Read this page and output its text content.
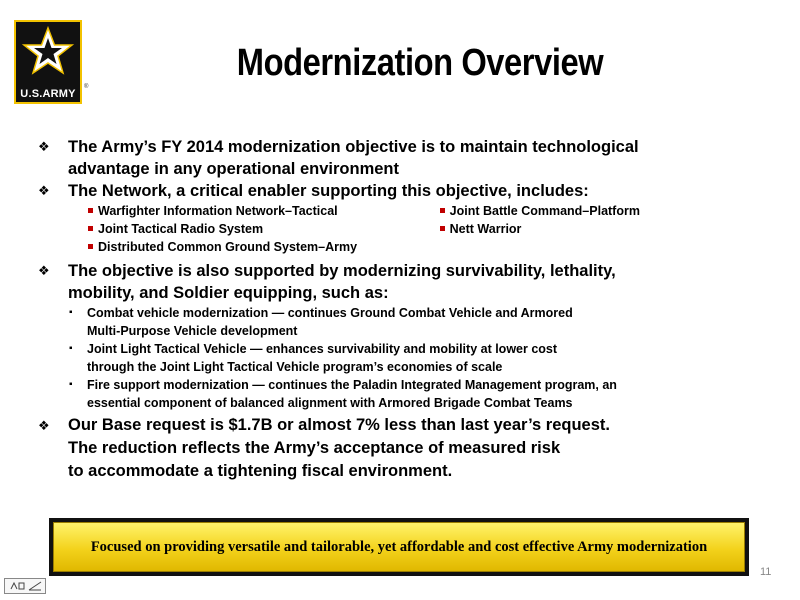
U.S.ARMY
®
Modernization Overview
❖ The Army’s FY 2014 modernization objective is to maintain technological
advantage in any operational environment
❖ The Network, a critical enabler supporting this objective, includes:
Warfighter Information Network–Tactical
Joint Tactical Radio System
Distributed Common Ground System–Army
Joint Battle Command–Platform
Nett Warrior
❖ The objective is also supported by modernizing survivability, lethality,
mobility, and Soldier equipping, such as:
▪ Combat vehicle modernization — continues Ground Combat Vehicle and Armored
Multi-Purpose Vehicle development
▪ Joint Light Tactical Vehicle — enhances survivability and mobility at lower cost
through the Joint Light Tactical Vehicle program’s economies of scale
▪ Fire support modernization — continues the Paladin Integrated Management program, an
essential component of balanced alignment with Armored Brigade Combat Teams
❖ Our Base request is $1.7B or almost 7% less than last year’s request.
The reduction reflects the Army’s acceptance of measured risk
to accommodate a tightening fiscal environment.
Focused on providing versatile and tailorable, yet affordable and cost effective Army modernization
11
